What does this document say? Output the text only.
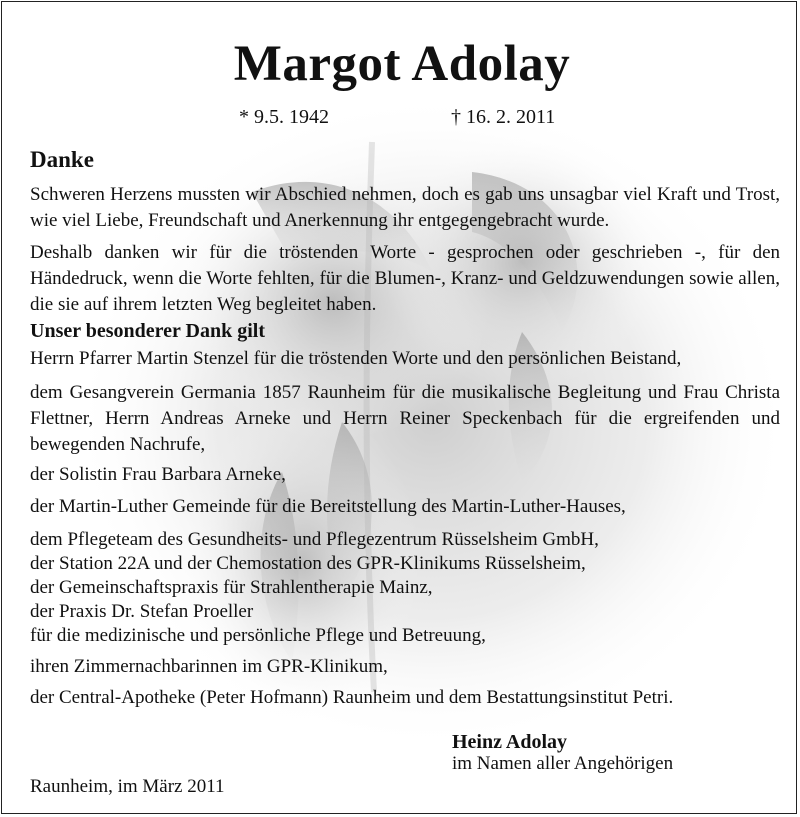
Margot Adolay
* 9.5. 1942	† 16. 2. 2011
Danke
Schweren Herzens mussten wir Abschied nehmen, doch es gab uns unsagbar viel Kraft und Trost, wie viel Liebe, Freundschaft und Anerkennung ihr entgegengebracht wurde.
Deshalb danken wir für die tröstenden Worte - gesprochen oder geschrieben -, für den Händedruck, wenn die Worte fehlten, für die Blumen-, Kranz- und Geldzuwendungen sowie allen, die sie auf ihrem letzten Weg begleitet haben.
Unser besonderer Dank gilt
Herrn Pfarrer Martin Stenzel für die tröstenden Worte und den persönlichen Beistand,
dem Gesangverein Germania 1857 Raunheim für die musikalische Begleitung und Frau Christa Flettner, Herrn Andreas Arneke und Herrn Reiner Speckenbach für die ergreifenden und bewegenden Nachrufe,
der Solistin Frau Barbara Arneke,
der Martin-Luther Gemeinde für die Bereitstellung des Martin-Luther-Hauses,
dem Pflegeteam des Gesundheits- und Pflegezentrum Rüsselsheim GmbH,
der Station 22A und der Chemostation des GPR-Klinikums Rüsselsheim,
der Gemeinschaftspraxis für Strahlentherapie Mainz,
der Praxis Dr. Stefan Proeller
für die medizinische und persönliche Pflege und Betreuung,
ihren Zimmernachbarinnen im GPR-Klinikum,
der Central-Apotheke (Peter Hofmann) Raunheim und dem Bestattungsinstitut Petri.
Heinz Adolay
im Namen aller Angehörigen
Raunheim, im März 2011
